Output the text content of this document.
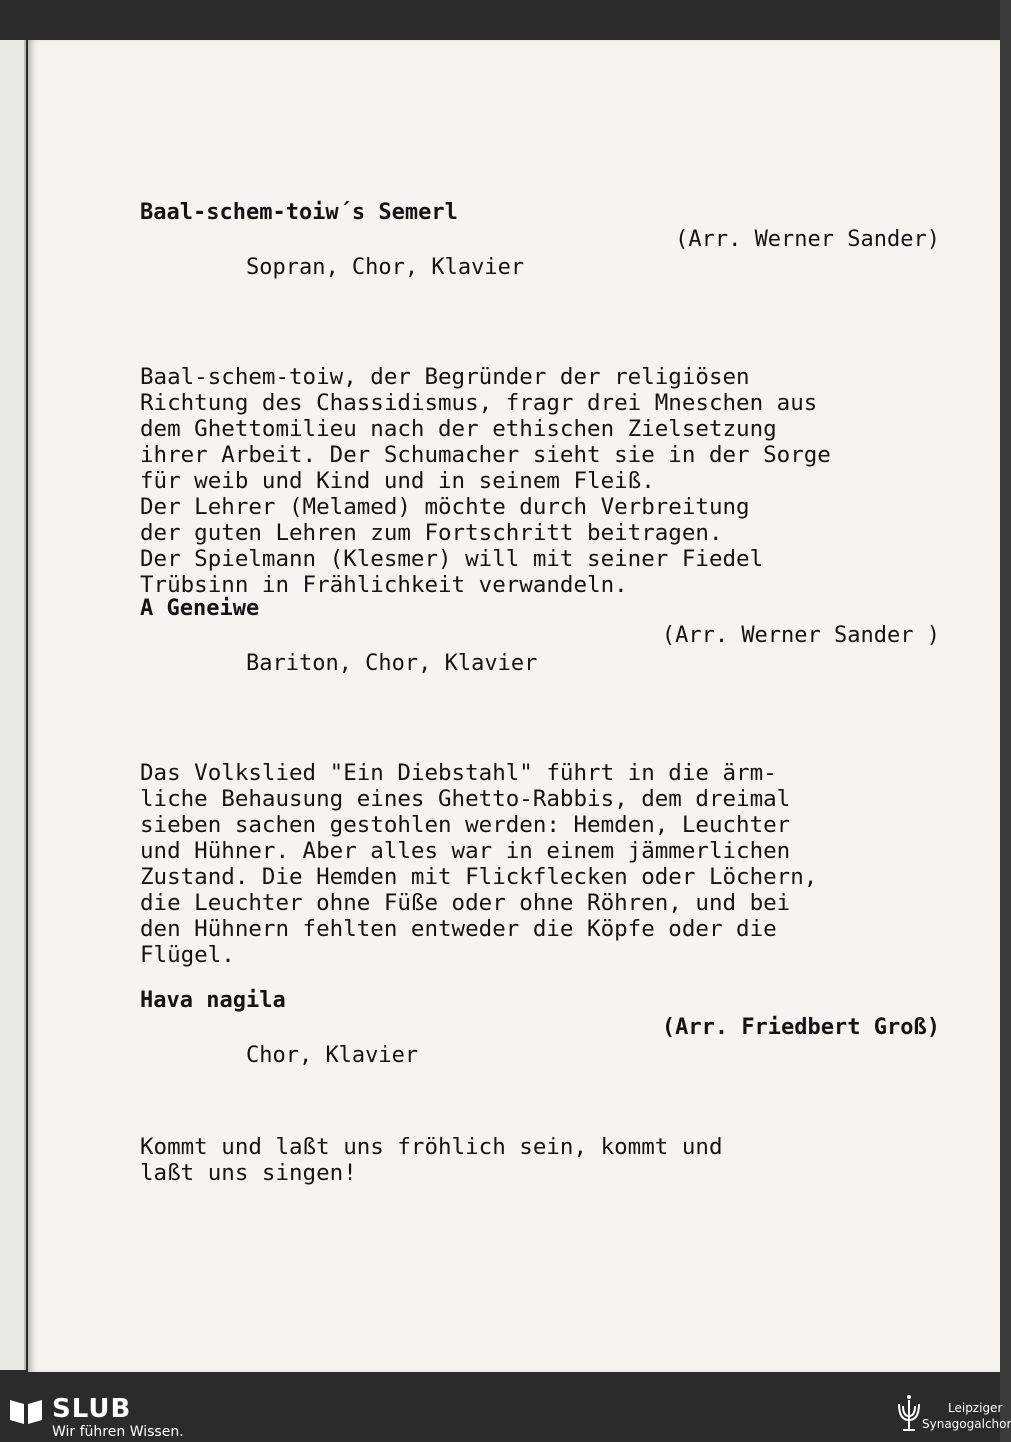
Baal-schem-toiw´s Semerl

Sopran, Chor, Klavier

(Arr. Werner Sander)

Baal-schem-toiw, der Begründer der religiösen
Richtung des Chassidismus, fragr drei Mneschen aus
dem Ghettomilieu nach der ethischen Zielsetzung
ihrer Arbeit. Der Schumacher sieht sie in der Sorge
für weib und Kind und in seinem Fleiß.
Der Lehrer (Melamed) möchte durch Verbreitung
der guten Lehren zum Fortschritt beitragen.
Der Spielmann (Klesmer) will mit seiner Fiedel
Trübsinn in Frählichkeit verwandeln.
A Geneiwe

Bariton, Chor, Klavier

(Arr. Werner Sander )

Das Volkslied "Ein Diebstahl" führt in die ärm-
liche Behausung eines Ghetto-Rabbis, dem dreimal
sieben sachen gestohlen werden: Hemden, Leuchter
und Hühner. Aber alles war in einem jämmerlichen
Zustand. Die Hemden mit Flickflecken oder Löchern,
die Leuchter ohne Füße oder ohne Röhren, und bei
den Hühnern fehlten entweder die Köpfe oder die
Flügel.
Hava nagila

Chor, Klavier

(Arr. Friedbert Groß)

Kommt und laßt uns fröhlich sein, kommt und
laßt uns singen!
SLUB
Wir führen Wissen.
Leipziger
Synagogalchor
